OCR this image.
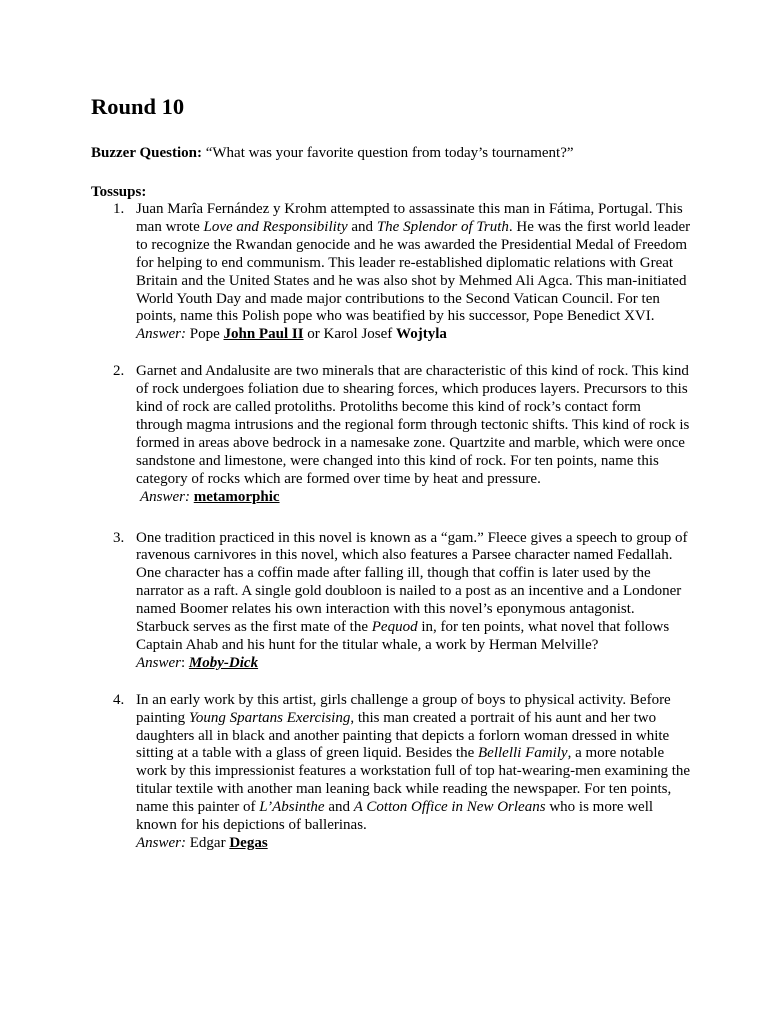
Round 10
Buzzer Question: “What was your favorite question from today’s tournament?”
Tossups:
1. Juan Marîa Fernández y Krohm attempted to assassinate this man in Fátima, Portugal. This man wrote Love and Responsibility and The Splendor of Truth. He was the first world leader to recognize the Rwandan genocide and he was awarded the Presidential Medal of Freedom for helping to end communism. This leader re-established diplomatic relations with Great Britain and the United States and he was also shot by Mehmed Ali Agca. This man-initiated World Youth Day and made major contributions to the Second Vatican Council. For ten points, name this Polish pope who was beatified by his successor, Pope Benedict XVI.
Answer: Pope John Paul II or Karol Josef Wojtyla
2. Garnet and Andalusite are two minerals that are characteristic of this kind of rock. This kind of rock undergoes foliation due to shearing forces, which produces layers. Precursors to this kind of rock are called protoliths. Protoliths become this kind of rock’s contact form through magma intrusions and the regional form through tectonic shifts. This kind of rock is formed in areas above bedrock in a namesake zone. Quartzite and marble, which were once sandstone and limestone, were changed into this kind of rock. For ten points, name this category of rocks which are formed over time by heat and pressure.
Answer: metamorphic
3. One tradition practiced in this novel is known as a “gam.” Fleece gives a speech to group of ravenous carnivores in this novel, which also features a Parsee character named Fedallah. One character has a coffin made after falling ill, though that coffin is later used by the narrator as a raft. A single gold doubloon is nailed to a post as an incentive and a Londoner named Boomer relates his own interaction with this novel’s eponymous antagonist. Starbuck serves as the first mate of the Pequod in, for ten points, what novel that follows Captain Ahab and his hunt for the titular whale, a work by Herman Melville?
Answer: Moby-Dick
4. In an early work by this artist, girls challenge a group of boys to physical activity. Before painting Young Spartans Exercising, this man created a portrait of his aunt and her two daughters all in black and another painting that depicts a forlorn woman dressed in white sitting at a table with a glass of green liquid. Besides the Bellelli Family, a more notable work by this impressionist features a workstation full of top hat-wearing-men examining the titular textile with another man leaning back while reading the newspaper. For ten points, name this painter of L’Absinthe and A Cotton Office in New Orleans who is more well known for his depictions of ballerinas.
Answer: Edgar Degas
